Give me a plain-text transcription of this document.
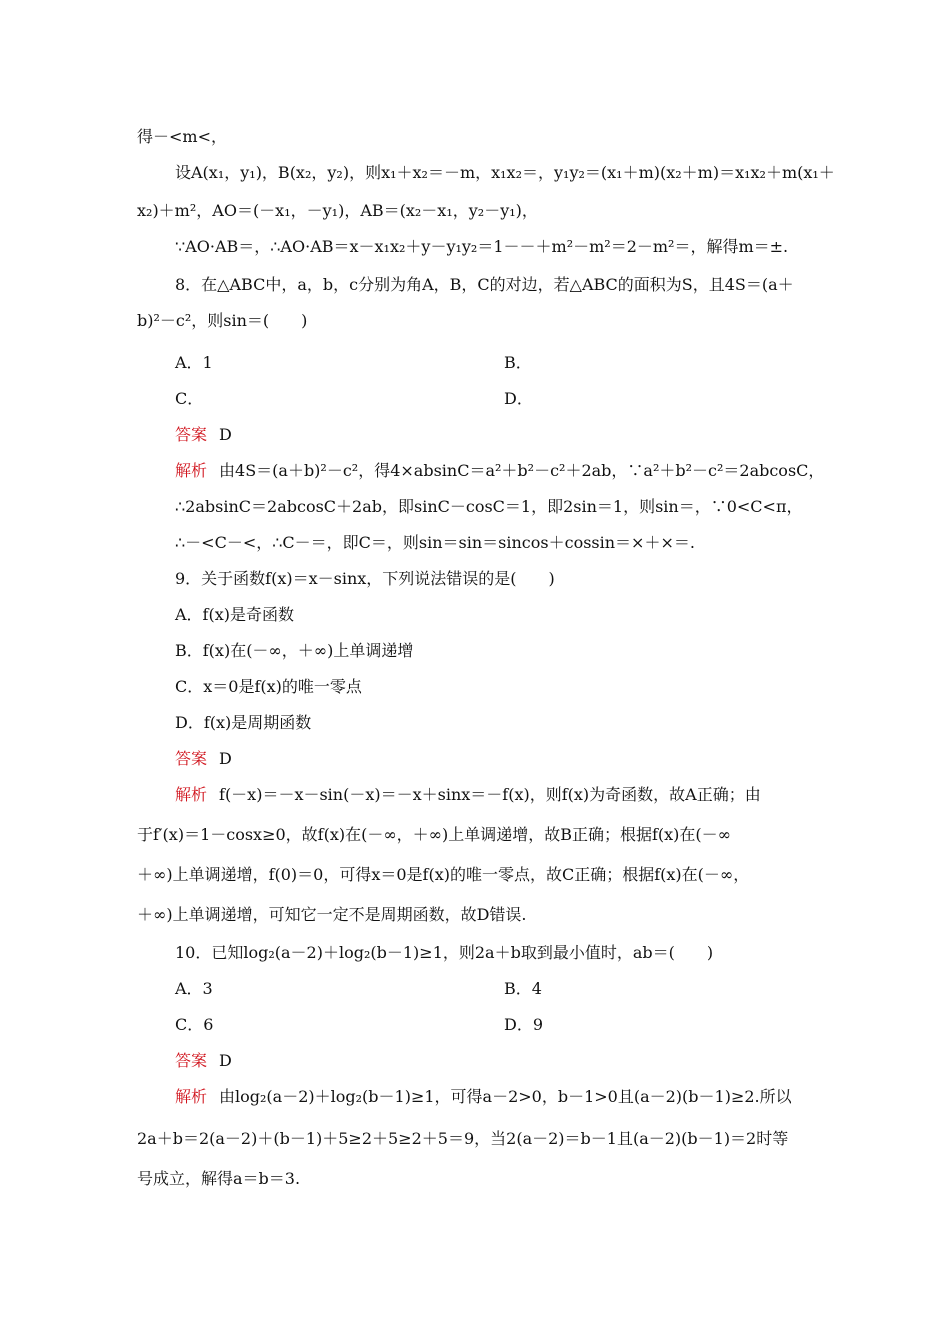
得－<m<，
设A(x₁，y₁)，B(x₂，y₂)，则x₁＋x₂＝－m，x₁x₂＝，y₁y₂＝(x₁＋m)(x₂＋m)＝x₁x₂＋m(x₁＋
x₂)＋m²，AO＝(－x₁，－y₁)，AB＝(x₂－x₁，y₂－y₁)，
∵AO·AB＝，∴AO·AB＝x－x₁x₂＋y－y₁y₂＝1－－＋m²－m²＝2－m²＝，解得m＝±.
8．在△ABC中，a，b，c分别为角A，B，C的对边，若△ABC的面积为S，且4S＝(a＋
b)²－c²，则sin＝(　　)
A．1	B．
C．	D．
答案 D
解析 由4S＝(a＋b)²－c²，得4×absinC＝a²＋b²－c²＋2ab，∵a²＋b²－c²＝2abcosC，
∴2absinC＝2abcosC＋2ab，即sinC－cosC＝1，即2sin＝1，则sin＝，∵0<C<π，
∴－<C－<，∴C－＝，即C＝，则sin＝sin＝sincos＋cossin＝×＋×＝.
9．关于函数f(x)＝x－sinx，下列说法错误的是(　　)
A．f(x)是奇函数
B．f(x)在(－∞，＋∞)上单调递增
C．x＝0是f(x)的唯一零点
D．f(x)是周期函数
答案 D
解析 f(－x)＝－x－sin(－x)＝－x＋sinx＝－f(x)，则f(x)为奇函数，故A正确；由
于f′(x)＝1－cosx≥0，故f(x)在(－∞，＋∞)上单调递增，故B正确；根据f(x)在(－∞
＋∞)上单调递增，f(0)＝0，可得x＝0是f(x)的唯一零点，故C正确；根据f(x)在(－∞，
＋∞)上单调递增，可知它一定不是周期函数，故D错误.
10．已知log₂(a－2)＋log₂(b－1)≥1，则2a＋b取到最小值时，ab＝(　　)
A．3	B．4
C．6	D．9
答案 D
解析 由log₂(a－2)＋log₂(b－1)≥1，可得a－2>0，b－1>0且(a－2)(b－1)≥2.所以
2a＋b＝2(a－2)＋(b－1)＋5≥2＋5≥2＋5＝9，当2(a－2)＝b－1且(a－2)(b－1)＝2时等
号成立，解得a＝b＝3.
